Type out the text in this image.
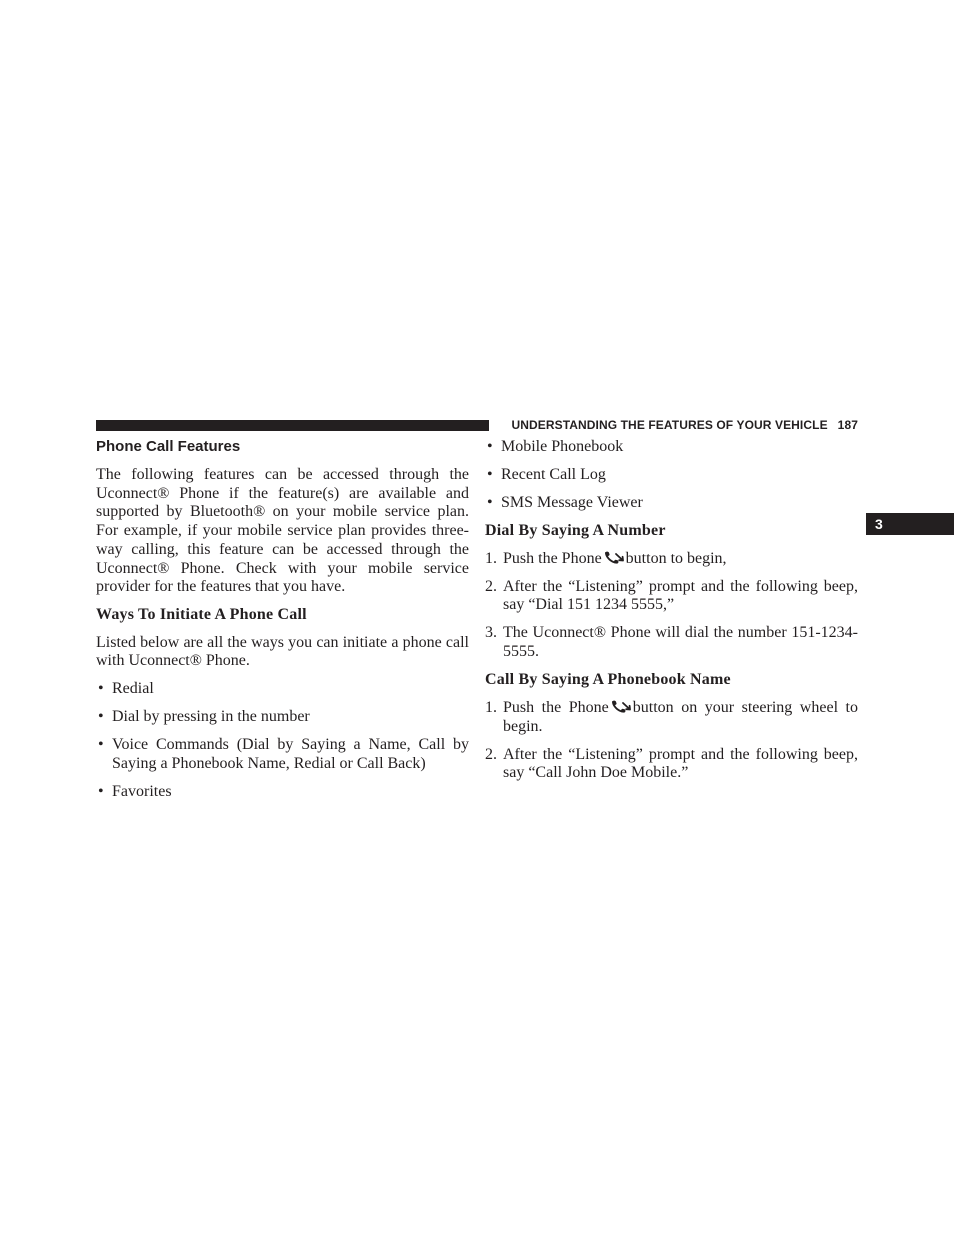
UNDERSTANDING THE FEATURES OF YOUR VEHICLE 187
3
Phone Call Features

The following features can be accessed through the Uconnect® Phone if the feature(s) are available and supported by Bluetooth® on your mobile service plan. For example, if your mobile service plan provides three-way calling, this feature can be accessed through the Uconnect® Phone. Check with your mobile service provider for the features that you have.

Ways To Initiate A Phone Call

Listed below are all the ways you can initiate a phone call with Uconnect® Phone.

• Redial
• Dial by pressing in the number
• Voice Commands (Dial by Saying a Name, Call by Saying a Phonebook Name, Redial or Call Back)
• Favorites
• Mobile Phonebook
• Recent Call Log
• SMS Message Viewer
Dial By Saying A Number
1. Push the Phone button to begin,
2. After the “Listening” prompt and the following beep, say “Dial 151 1234 5555,”
3. The Uconnect® Phone will dial the number 151-1234-5555.
Call By Saying A Phonebook Name
1. Push the Phone button on your steering wheel to begin.
2. After the “Listening” prompt and the following beep, say “Call John Doe Mobile.”
